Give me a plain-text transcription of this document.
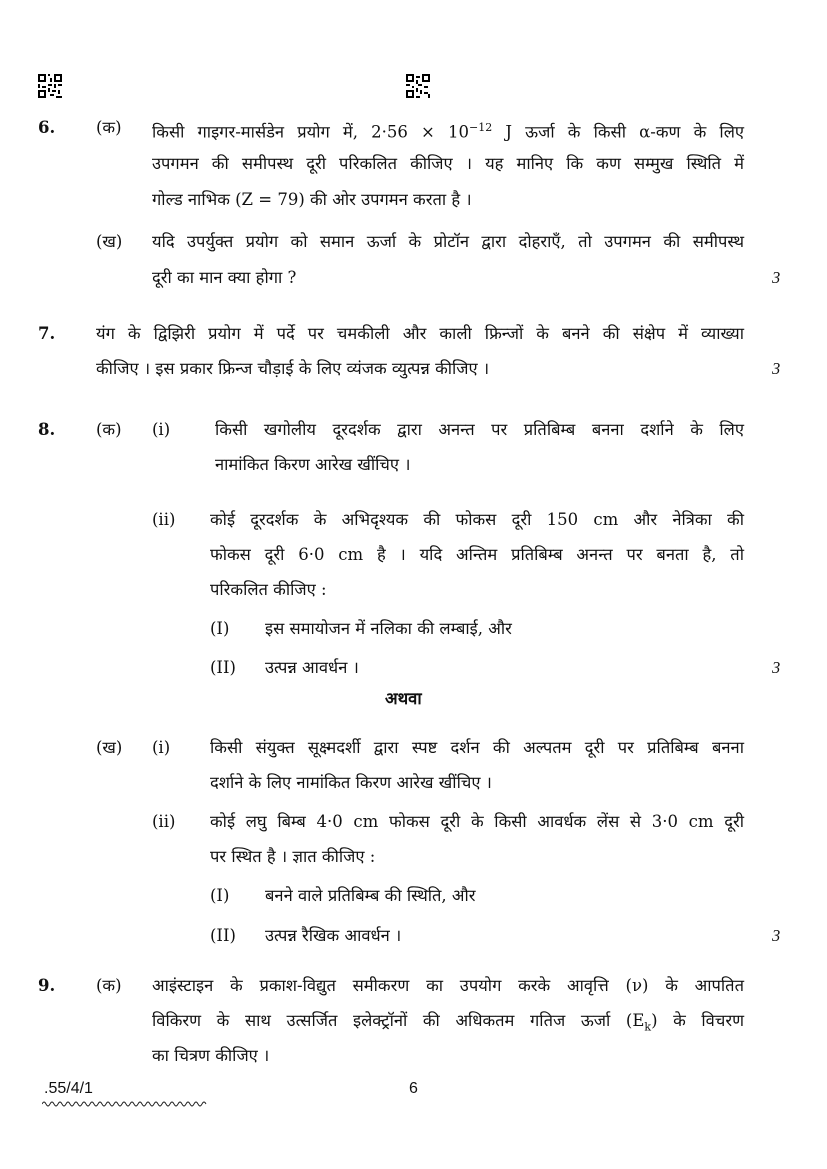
6. (क) किसी गाइगर-मार्सडेन प्रयोग में, $2\cdot 56 \times 10^{-12}$ J ऊर्जा के किसी α-कण के लिए
उपगमन की समीपस्थ दूरी परिकलित कीजिए । यह मानिए कि कण सम्मुख स्थिति में
गोल्ड नाभिक (Z = 79) की ओर उपगमन करता है ।
(ख) यदि उपर्युक्त प्रयोग को समान ऊर्जा के प्रोटॉन द्वारा दोहराएँ, तो उपगमन की समीपस्थ
दूरी का मान क्या होगा ?	3
7. यंग के द्विझिरी प्रयोग में पर्दे पर चमकीली और काली फ्रिन्जों के बनने की संक्षेप में व्याख्या
कीजिए । इस प्रकार फ्रिन्ज चौड़ाई के लिए व्यंजक व्युत्पन्न कीजिए ।	3
8. (क) (i)	किसी खगोलीय दूरदर्शक द्वारा अनन्त पर प्रतिबिम्ब बनना दर्शाने के लिए
नामांकित किरण आरेख खींचिए ।
(ii) कोई दूरदर्शक के अभिदृश्यक की फोकस दूरी 150 cm और नेत्रिका की
फोकस दूरी 6·0 cm है । यदि अन्तिम प्रतिबिम्ब अनन्त पर बनता है, तो
परिकलित कीजिए :
(I) इस समायोजन में नलिका की लम्बाई, और
(II) उत्पन्न आवर्धन ।	3
अथवा
(ख) (i) किसी संयुक्त सूक्ष्मदर्शी द्वारा स्पष्ट दर्शन की अल्पतम दूरी पर प्रतिबिम्ब बनना
दर्शाने के लिए नामांकित किरण आरेख खींचिए ।
(ii) कोई लघु बिम्ब 4·0 cm फोकस दूरी के किसी आवर्धक लेंस से 3·0 cm दूरी
पर स्थित है । ज्ञात कीजिए :
(I) बनने वाले प्रतिबिम्ब की स्थिति, और
(II) उत्पन्न रैखिक आवर्धन ।	3
9. (क) आइंस्टाइन के प्रकाश-विद्युत समीकरण का उपयोग करके आवृत्ति (ν) के आपतित
विकिरण के साथ उत्सर्जित इलेक्ट्रॉनों की अधिकतम गतिज ऊर्जा $(E_k)$ के विचरण
का चित्रण कीजिए ।
.55/4/1	6
